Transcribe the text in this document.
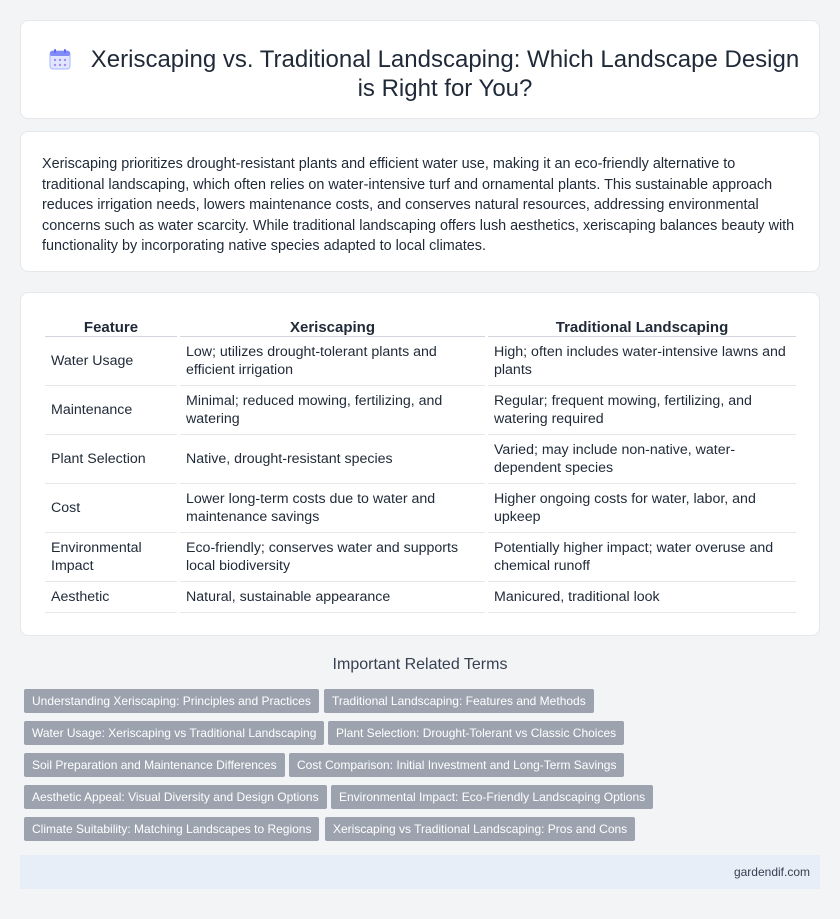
Xeriscaping vs. Traditional Landscaping: Which Landscape Design is Right for You?

Xeriscaping prioritizes drought-resistant plants and efficient water use, making it an eco-friendly alternative to traditional landscaping, which often relies on water-intensive turf and ornamental plants. This sustainable approach reduces irrigation needs, lowers maintenance costs, and conserves natural resources, addressing environmental concerns such as water scarcity. While traditional landscaping offers lush aesthetics, xeriscaping balances beauty with functionality by incorporating native species adapted to local climates.

Feature	Xeriscaping	Traditional Landscaping
Water Usage	Low; utilizes drought-tolerant plants and efficient irrigation	High; often includes water-intensive lawns and plants
Maintenance	Minimal; reduced mowing, fertilizing, and watering	Regular; frequent mowing, fertilizing, and watering required
Plant Selection	Native, drought-resistant species	Varied; may include non-native, water-dependent species
Cost	Lower long-term costs due to water and maintenance savings	Higher ongoing costs for water, labor, and upkeep
Environmental Impact	Eco-friendly; conserves water and supports local biodiversity	Potentially higher impact; water overuse and chemical runoff
Aesthetic	Natural, sustainable appearance	Manicured, traditional look
Important Related Terms
Understanding Xeriscaping: Principles and Practices	Traditional Landscaping: Features and Methods
Water Usage: Xeriscaping vs Traditional Landscaping	Plant Selection: Drought-Tolerant vs Classic Choices
Soil Preparation and Maintenance Differences	Cost Comparison: Initial Investment and Long-Term Savings
Aesthetic Appeal: Visual Diversity and Design Options	Environmental Impact: Eco-Friendly Landscaping Options
Climate Suitability: Matching Landscapes to Regions	Xeriscaping vs Traditional Landscaping: Pros and Cons
gardendif.com
